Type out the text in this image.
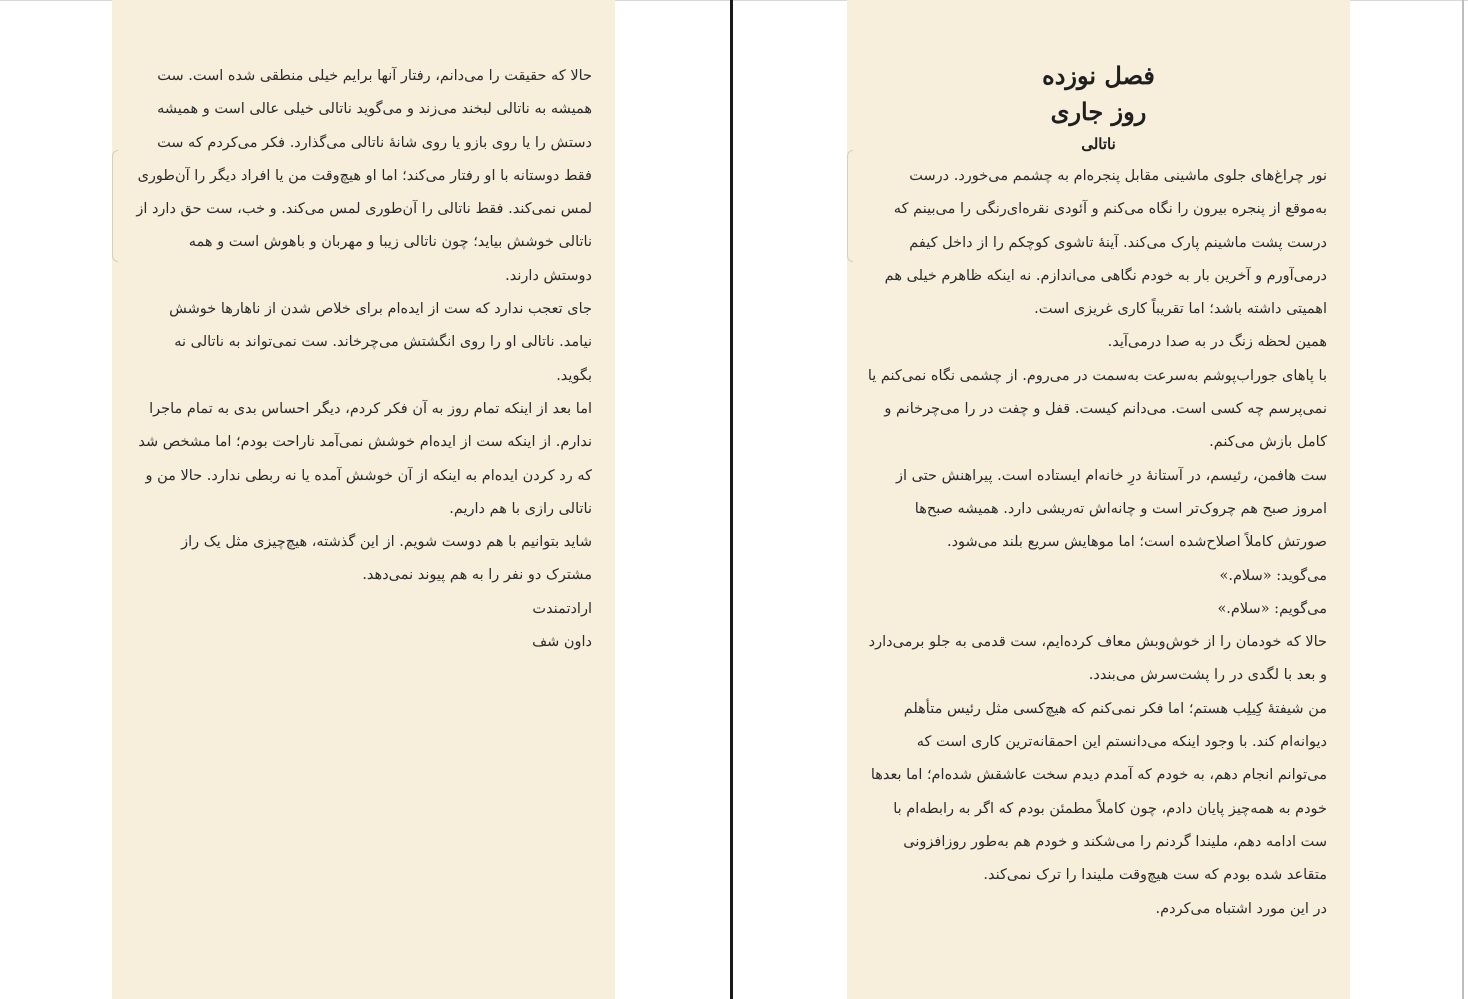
حالا که حقیقت را می‌دانم، رفتار آنها برایم خیلی منطقی شده است. ست همیشه به ناتالی لبخند می‌زند و می‌گوید ناتالی خیلی عالی است و همیشه دستش را یا روی بازو یا روی شانهٔ ناتالی می‌گذارد. فکر می‌کردم که ست فقط دوستانه با او رفتار می‌کند؛ اما او هیچ‌وقت من یا افراد دیگر را آن‌طوری لمس نمی‌کند. فقط ناتالی را آن‌طوری لمس می‌کند. و خب، ست حق دارد از ناتالی خوشش بیاید؛ چون ناتالی زیبا و مهربان و باهوش است و همه دوستش دارند.

جای تعجب ندارد که ست از ایده‌ام برای خلاص شدن از ناهارها خوشش نیامد. ناتالی او را روی انگشتش می‌چرخاند. ست نمی‌تواند به ناتالی نه بگوید.

اما بعد از اینکه تمام روز به آن فکر کردم، دیگر احساس بدی به تمام ماجرا ندارم. از اینکه ست از ایده‌ام خوشش نمی‌آمد ناراحت بودم؛ اما مشخص شد که رد کردن ایده‌ام به اینکه از آن خوشش آمده یا نه ربطی ندارد. حالا من و ناتالی رازی با هم داریم.

شاید بتوانیم با هم دوست شویم. از این گذشته، هیچ‌چیزی مثل یک راز مشترک دو نفر را به هم پیوند نمی‌دهد.

ارادتمندت

داون شف

فصل نوزده
روز جاری
ناتالی

نور چراغ‌های جلوی ماشینی مقابل پنجره‌ام به چشمم می‌خورد. درست به‌موقع از پنجره بیرون را نگاه می‌کنم و آئودی نقره‌ای‌رنگی را می‌بینم که درست پشت ماشینم پارک می‌کند. آینهٔ تاشوی کوچکم را از داخل کیفم درمی‌آورم و آخرین بار به خودم نگاهی می‌اندازم. نه اینکه ظاهرم خیلی هم اهمیتی داشته باشد؛ اما تقریباً کاری غریزی است.

همین لحظه زنگ در به صدا درمی‌آید.

با پاهای جوراب‌پوشم به‌سرعت به‌سمت در می‌روم. از چشمی نگاه نمی‌کنم یا نمی‌پرسم چه کسی است. می‌دانم کیست. قفل و چفت در را می‌چرخانم و کامل بازش می‌کنم.

ست هافمن، رئیسم، در آستانهٔ درِ خانه‌ام ایستاده است. پیراهنش حتی از امروز صبح هم چروک‌تر است و چانه‌اش ته‌ریشی دارد. همیشه صبح‌ها صورتش کاملاً اصلاح‌شده است؛ اما موهایش سریع بلند می‌شود.

می‌گوید: «سلام.»

می‌گویم: «سلام.»

حالا که خودمان را از خوش‌وبش معاف کرده‌ایم، ست قدمی به جلو برمی‌دارد و بعد با لگدی در را پشت‌سرش می‌بندد.

من شیفتهٔ کِیلِب هستم؛ اما فکر نمی‌کنم که هیچ‌کسی مثل رئیس متأهلم دیوانه‌ام کند. با وجود اینکه می‌دانستم این احمقانه‌ترین کاری است که می‌توانم انجام دهم، به خودم که آمدم دیدم سخت عاشقش شده‌ام؛ اما بعدها خودم به همه‌چیز پایان دادم، چون کاملاً مطمئن بودم که اگر به رابطه‌ام با ست ادامه دهم، ملیندا گردنم را می‌شکند و خودم هم به‌طور روزافزونی متقاعد شده بودم که ست هیچ‌وقت ملیندا را ترک نمی‌کند.

در این مورد اشتباه می‌کردم.
